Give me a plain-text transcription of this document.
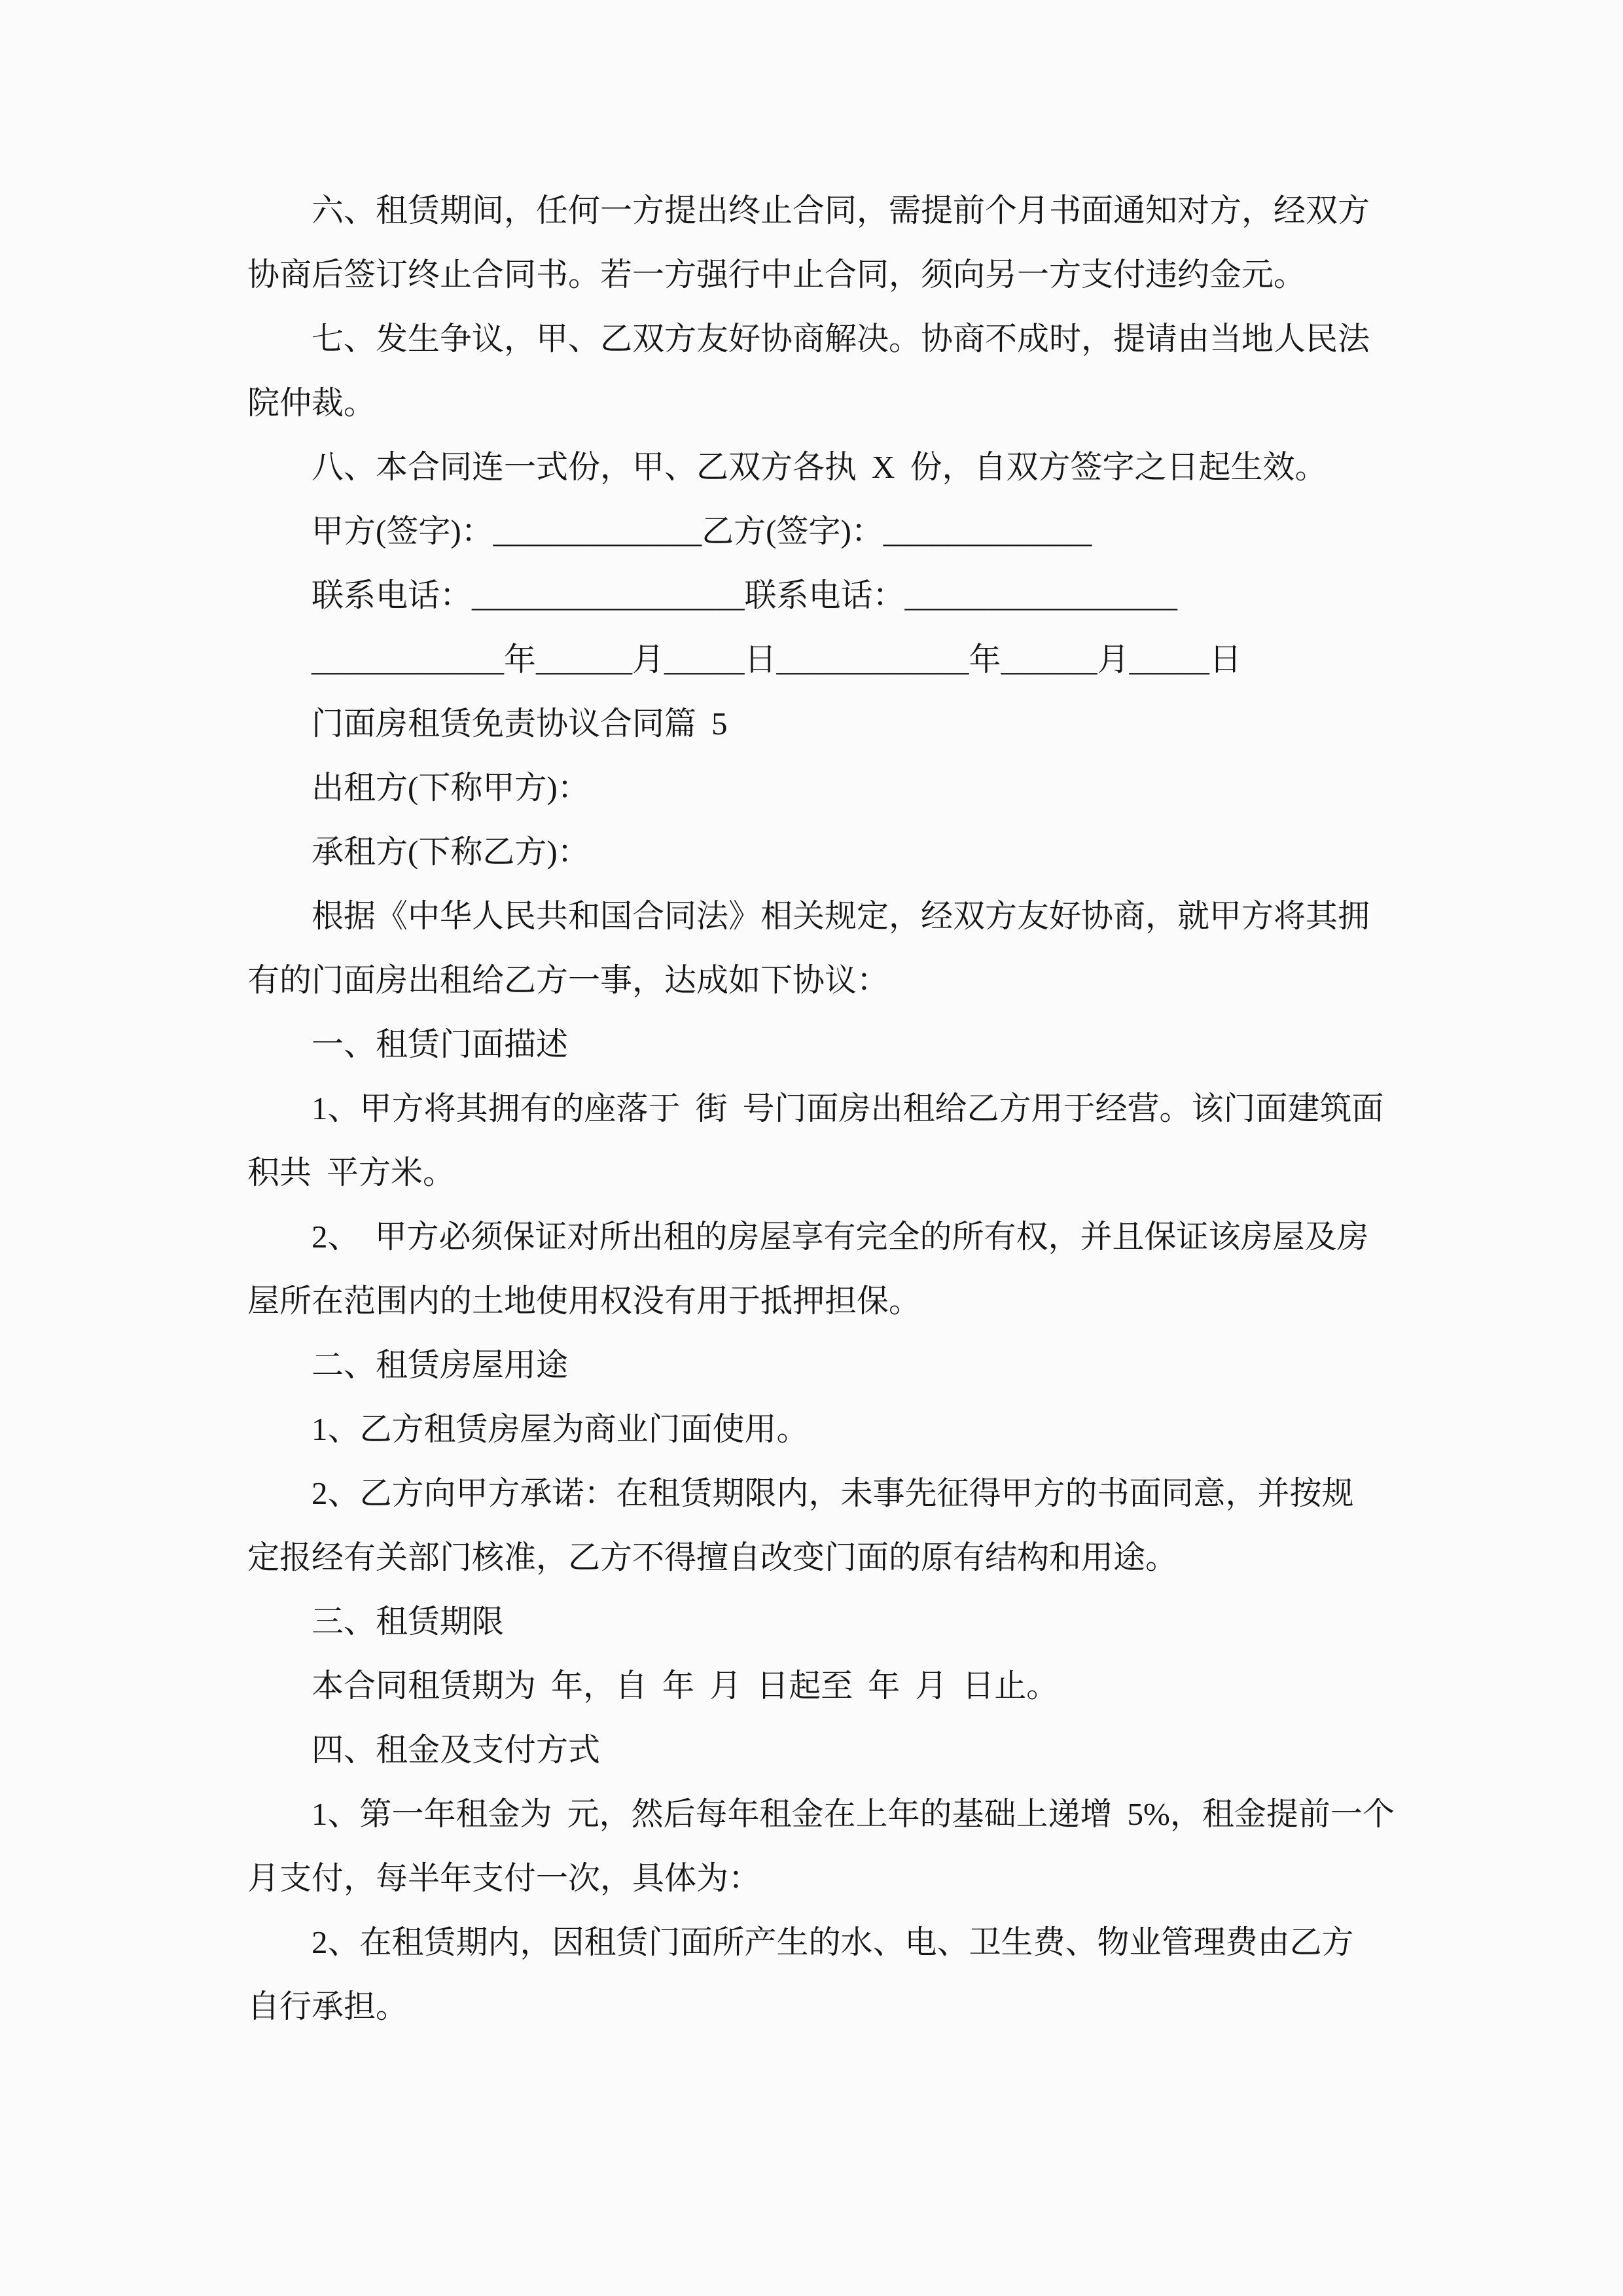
六、租赁期间，任何一方提出终止合同，需提前个月书面通知对方，经双方
协商后签订终止合同书。若一方强行中止合同，须向另一方支付违约金元。
七、发生争议，甲、乙双方友好协商解决。协商不成时，提请由当地人民法
院仲裁。
八、本合同连一式份，甲、乙双方各执 X 份，自双方签字之日起生效。
甲方(签字)：_____________乙方(签字)：_____________
联系电话：_________________联系电话：_________________
____________年______月_____日____________年______月_____日
门面房租赁免责协议合同篇 5
出租方(下称甲方)：
承租方(下称乙方)：
根据《中华人民共和国合同法》相关规定，经双方友好协商，就甲方将其拥
有的门面房出租给乙方一事，达成如下协议：
一、租赁门面描述
1、甲方将其拥有的座落于 街 号门面房出租给乙方用于经营。该门面建筑面
积共 平方米。
2、 甲方必须保证对所出租的房屋享有完全的所有权，并且保证该房屋及房
屋所在范围内的土地使用权没有用于抵押担保。
二、租赁房屋用途
1、乙方租赁房屋为商业门面使用。
2、乙方向甲方承诺：在租赁期限内，未事先征得甲方的书面同意，并按规
定报经有关部门核准，乙方不得擅自改变门面的原有结构和用途。
三、租赁期限
本合同租赁期为 年，自 年 月 日起至 年 月 日止。
四、租金及支付方式
1、第一年租金为 元，然后每年租金在上年的基础上递增 5%，租金提前一个
月支付，每半年支付一次，具体为：
2、在租赁期内，因租赁门面所产生的水、电、卫生费、物业管理费由乙方
自行承担。
